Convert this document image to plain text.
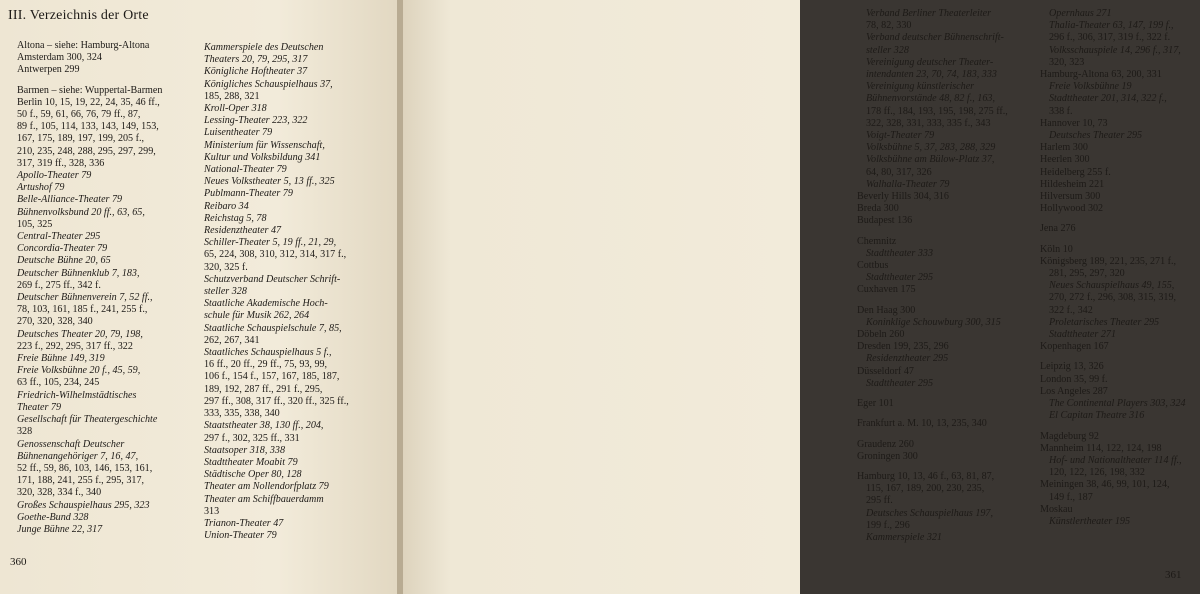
III. Verzeichnis der Orte
Altona – siehe: Hamburg-Altona
Amsterdam 300, 324
Antwerpen 299
Barmen – siehe: Wuppertal-Barmen
Berlin 10, 15, 19, 22, 24, 35, 46 ff.,
50 f., 59, 61, 66, 76, 79 ff., 87,
89 f., 105, 114, 133, 143, 149, 153,
167, 175, 189, 197, 199, 205 f.,
210, 235, 248, 288, 295, 297, 299,
317, 319 ff., 328, 336
Apollo-Theater 79
Artushof 79
Belle-Alliance-Theater 79
Bühnenvolksbund 20 ff., 63, 65,
105, 325
Central-Theater 295
Concordia-Theater 79
Deutsche Bühne 20, 65
Deutscher Bühnenklub 7, 183,
269 f., 275 ff., 342 f.
Deutscher Bühnenverein 7, 52 ff.,
78, 103, 161, 185 f., 241, 255 f.,
270, 320, 328, 340
Deutsches Theater 20, 79, 198,
223 f., 292, 295, 317 ff., 322
Freie Bühne 149, 319
Freie Volksbühne 20 f., 45, 59,
63 ff., 105, 234, 245
Friedrich-Wilhelmstädtisches
Theater 79
Gesellschaft für Theatergeschichte
328
Genossenschaft Deutscher
Bühnenangehöriger 7, 16, 47,
52 ff., 59, 86, 103, 146, 153, 161,
171, 188, 241, 255 f., 295, 317,
320, 328, 334 f., 340
Großes Schauspielhaus 295, 323
Goethe-Bund 328
Junge Bühne 22, 317
Kammerspiele des Deutschen
Theaters 20, 79, 295, 317
Königliche Hoftheater 37
Königliches Schauspielhaus 37,
185, 288, 321
Kroll-Oper 318
Lessing-Theater 223, 322
Luisentheater 79
Ministerium für Wissenschaft,
Kultur und Volksbildung 341
National-Theater 79
Neues Volkstheater 5, 13 ff., 325
Publmann-Theater 79
Reibaro 34
Reichstag 5, 78
Residenztheater 47
Schiller-Theater 5, 19 ff., 21, 29,
65, 224, 308, 310, 312, 314, 317 f.,
320, 325 f.
Schutzverband Deutscher Schrift-
steller 328
Staatliche Akademische Hoch-
schule für Musik 262, 264
Staatliche Schauspielschule 7, 85,
262, 267, 341
Staatliches Schauspielhaus 5 f.,
16 ff., 20 ff., 29 ff., 75, 93, 99,
106 f., 154 f., 157, 167, 185, 187,
189, 192, 287 ff., 291 f., 295,
297 ff., 308, 317 ff., 320 ff., 325 ff.,
333, 335, 338, 340
Staatstheater 38, 130 ff., 204,
297 f., 302, 325 ff., 331
Staatsoper 318, 338
Stadttheater Moabit 79
Städtische Oper 80, 128
Theater am Nollendorfplatz 79
Theater am Schiffbauerdamm
313
Trianon-Theater 47
Union-Theater 79
360
Verband Berliner Theaterleiter
78, 82, 330
Verband deutscher Bühnenschrift-
steller 328
Vereinigung deutscher Theater-
intendanten 23, 70, 74, 183, 333
Vereinigung künstlerischer
Bühnenvorstände 48, 82 f., 163,
178 ff., 184, 193, 195, 198, 275 ff.,
322, 328, 331, 333, 335 f., 343
Voigt-Theater 79
Volksbühne 5, 37, 283, 288, 329
Volksbühne am Bülow-Platz 37,
64, 80, 317, 326
Walhalla-Theater 79
Beverly Hills 304, 316
Breda 300
Budapest 136
Chemnitz
Stadttheater 333
Cottbus
Stadttheater 295
Cuxhaven 175
Den Haag 300
Koninklige Schouwburg 300, 315
Döbeln 260
Dresden 199, 235, 296
Residenztheater 295
Düsseldorf 47
Stadttheater 295
Eger 101
Frankfurt a. M. 10, 13, 235, 340
Graudenz 260
Groningen 300
Hamburg 10, 13, 46 f., 63, 81, 87,
115, 167, 189, 200, 230, 235,
295 ff.
Deutsches Schauspielhaus 197,
199 f., 296
Kammerspiele 321
Opernhaus 271
Thalia-Theater 63, 147, 199 f.,
296 f., 306, 317, 319 f., 322 f.
Volksschauspiele 14, 296 f., 317,
320, 323
Hamburg-Altona 63, 200, 331
Freie Volksbühne 19
Stadttheater 201, 314, 322 f.,
338 f.
Hannover 10, 73
Deutsches Theater 295
Harlem 300
Heerlen 300
Heidelberg 255 f.
Hildesheim 221
Hilversum 300
Hollywood 302
Jena 276
Köln 10
Königsberg 189, 221, 235, 271 f.,
281, 295, 297, 320
Neues Schauspielhaus 49, 155,
270, 272 f., 296, 308, 315, 319,
322 f., 342
Proletarisches Theater 295
Stadttheater 271
Kopenhagen 167
Leipzig 13, 326
London 35, 99 f.
Los Angeles 287
The Continental Players 303, 324
El Capitan Theatre 316
Magdeburg 92
Mannheim 114, 122, 124, 198
Hof- und Nationaltheater 114 ff.,
120, 122, 126, 198, 332
Meiningen 38, 46, 99, 101, 124,
149 f., 187
Moskau
Künstlertheater 195
361
